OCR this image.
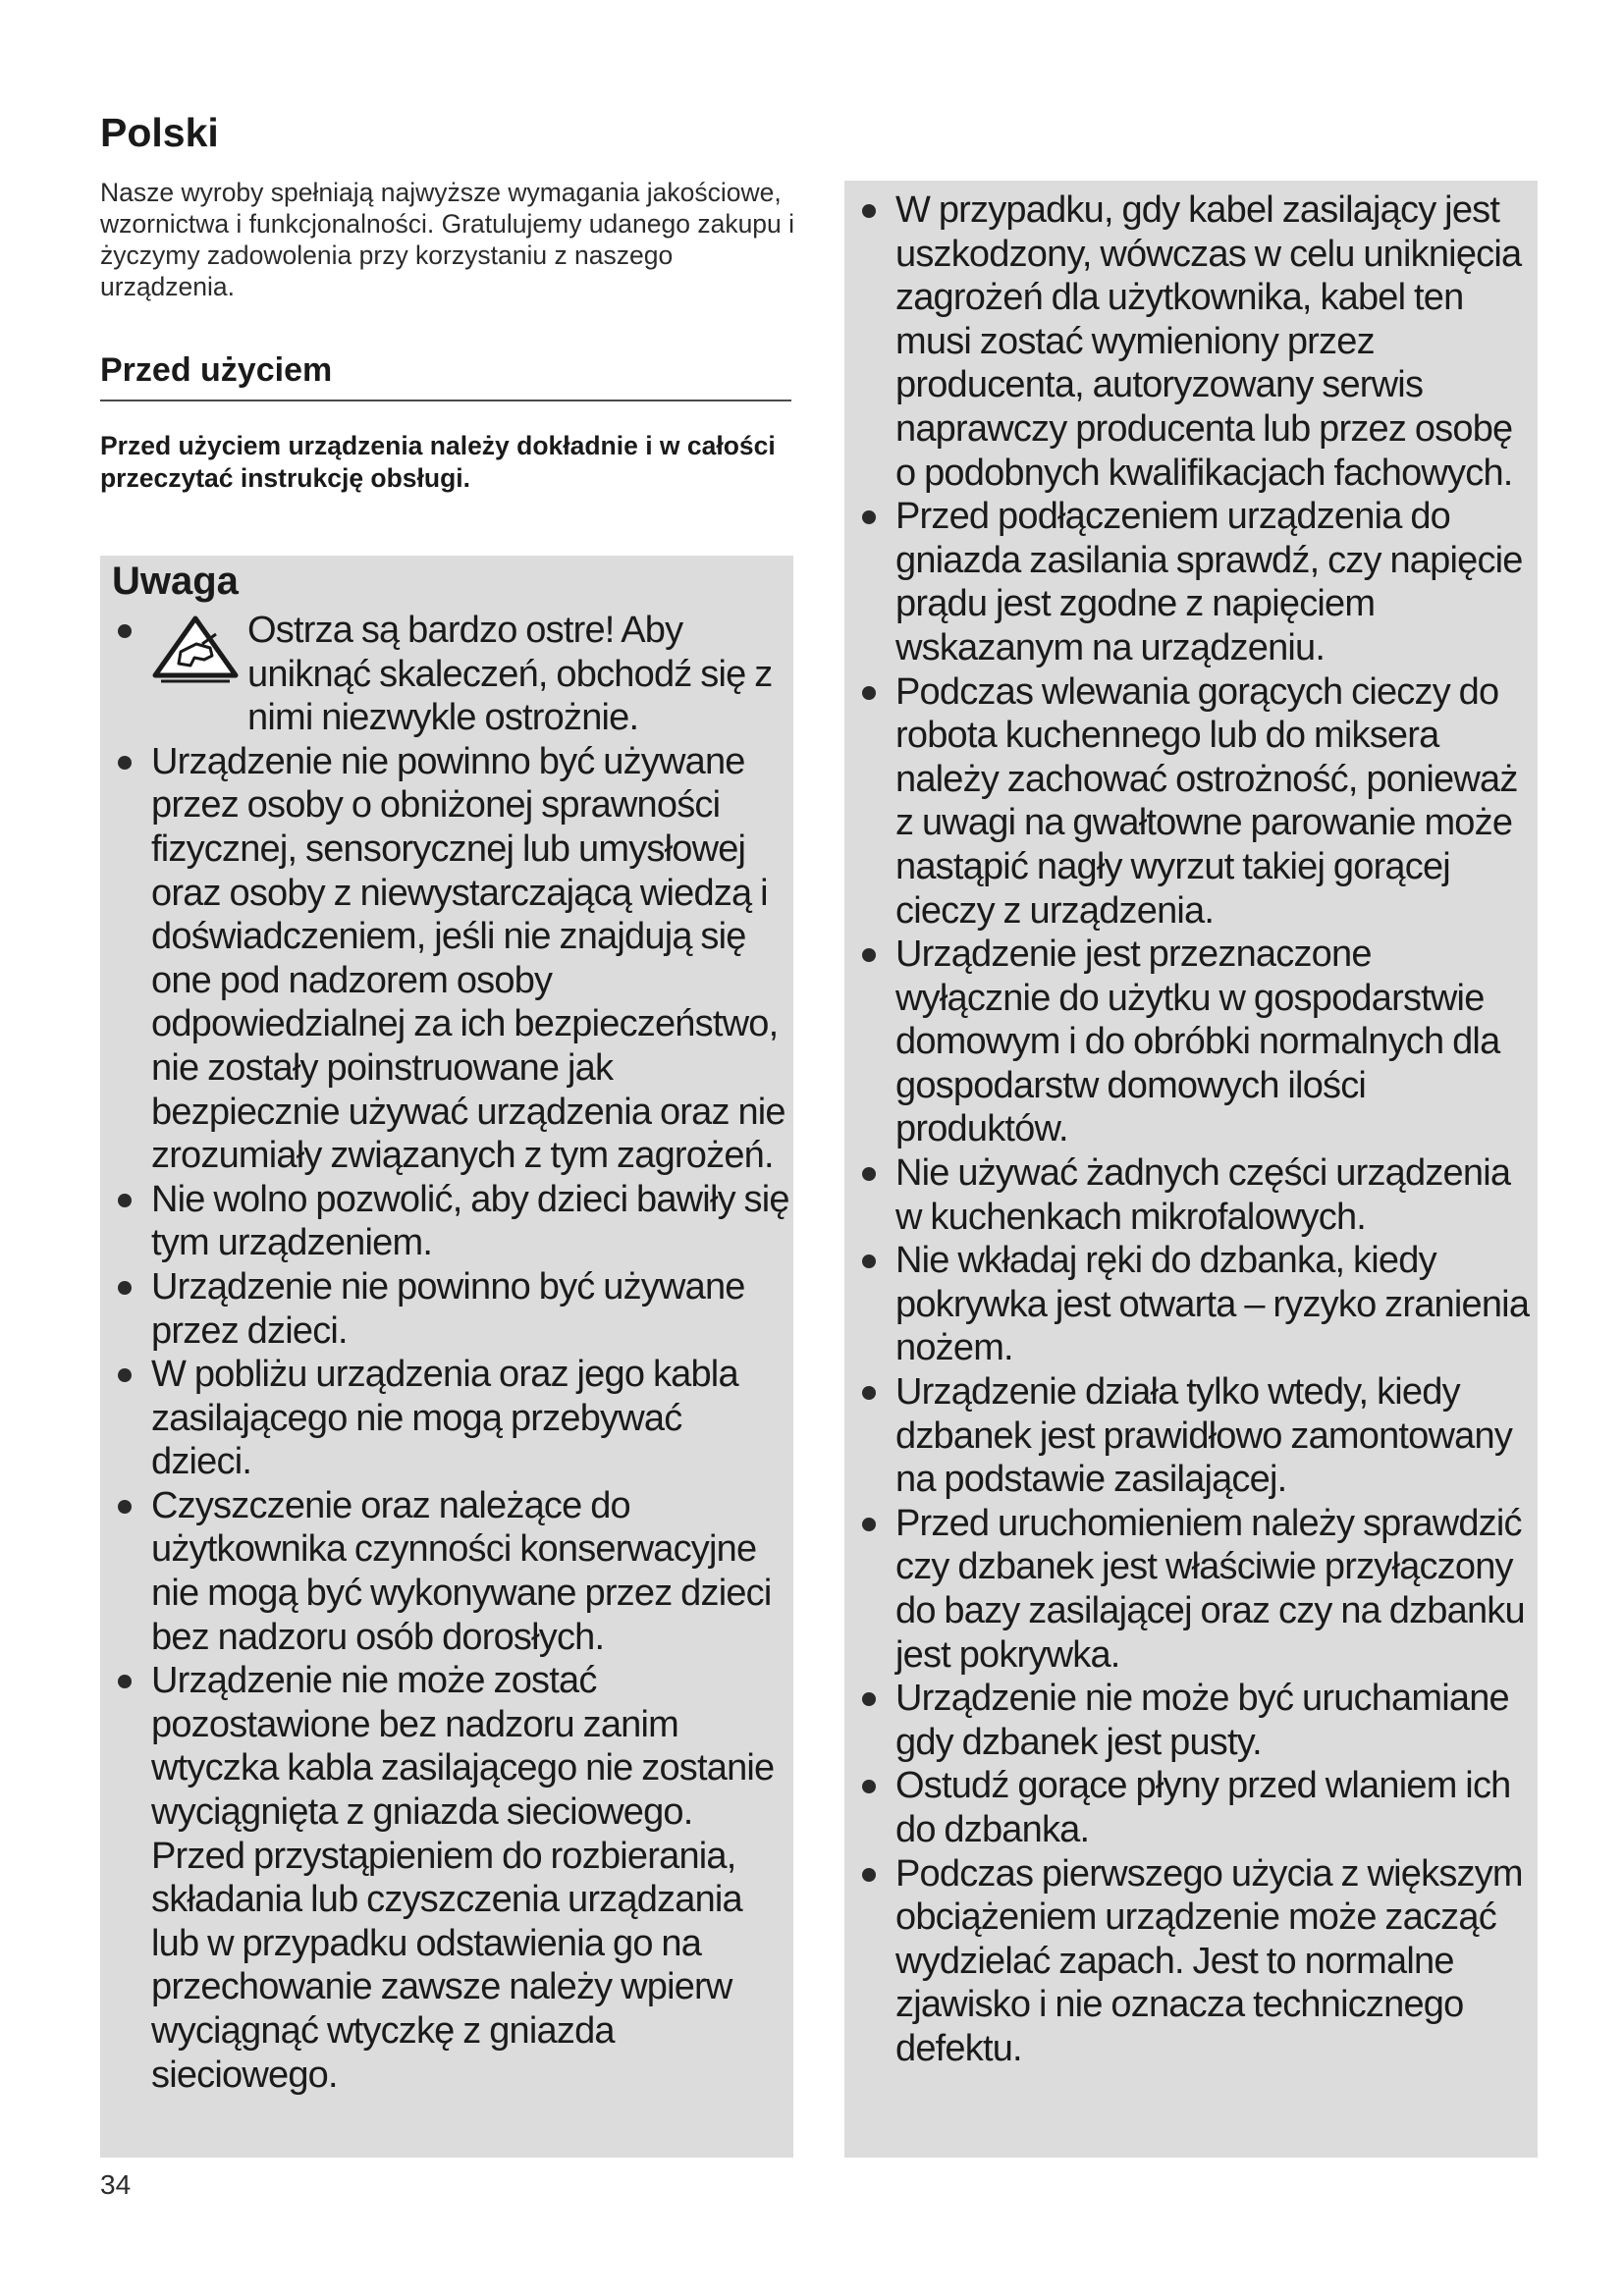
Polski
Nasze wyroby spełniają najwyższe wymagania jakościowe, wzornictwa i funkcjonalności. Gratulujemy udanego zakupu i życzymy zadowolenia przy korzystaniu z naszego urządzenia.
Przed użyciem
Przed użyciem urządzenia należy dokładnie i w całości przeczytać instrukcję obsługi.
Uwaga
Ostrza są bardzo ostre! Aby uniknąć skaleczeń, obchodź się z nimi niezwykle ostrożnie.
Urządzenie nie powinno być używane przez osoby o obniżonej sprawności fizycznej, sensorycznej lub umysłowej oraz osoby z niewystarczającą wiedzą i doświadczeniem, jeśli nie znajdują się one pod nadzorem osoby odpowiedzialnej za ich bezpieczeństwo, nie zostały poinstruowane jak bezpiecznie używać urządzenia oraz nie zrozumiały związanych z tym zagrożeń.
Nie wolno pozwolić, aby dzieci bawiły się tym urządzeniem.
Urządzenie nie powinno być używane przez dzieci.
W pobliżu urządzenia oraz jego kabla zasilającego nie mogą przebywać dzieci.
Czyszczenie oraz należące do użytkownika czynności konserwacyjne nie mogą być wykonywane przez dzieci bez nadzoru osób dorosłych.
Urządzenie nie może zostać pozostawione bez nadzoru zanim wtyczka kabla zasilającego nie zostanie wyciągnięta z gniazda sieciowego. Przed przystąpieniem do rozbierania, składania lub czyszczenia urządzania lub w przypadku odstawienia go na przechowanie zawsze należy wpierw wyciągnąć wtyczkę z gniazda sieciowego.
W przypadku, gdy kabel zasilający jest uszkodzony, wówczas w celu uniknięcia zagrożeń dla użytkownika, kabel ten musi zostać wymieniony przez producenta, autoryzowany serwis naprawczy producenta lub przez osobę o podobnych kwalifikacjach fachowych.
Przed podłączeniem urządzenia do gniazda zasilania sprawdź, czy napięcie prądu jest zgodne z napięciem wskazanym na urządzeniu.
Podczas wlewania gorących cieczy do robota kuchennego lub do miksera należy zachować ostrożność, ponieważ z uwagi na gwałtowne parowanie może nastąpić nagły wyrzut takiej gorącej cieczy z urządzenia.
Urządzenie jest przeznaczone wyłącznie do użytku w gospodarstwie domowym i do obróbki normalnych dla gospodarstw domowych ilości produktów.
Nie używać żadnych części urządzenia w kuchenkach mikrofalowych.
Nie wkładaj ręki do dzbanka, kiedy pokrywka jest otwarta – ryzyko zranienia nożem.
Urządzenie działa tylko wtedy, kiedy dzbanek jest prawidłowo zamontowany na podstawie zasilającej.
Przed uruchomieniem należy sprawdzić czy dzbanek jest właściwie przyłączony do bazy zasilającej oraz czy na dzbanku jest pokrywka.
Urządzenie nie może być uruchamiane gdy dzbanek jest pusty.
Ostudź gorące płyny przed wlaniem ich do dzbanka.
Podczas pierwszego użycia z większym obciążeniem urządzenie może zacząć wydzielać zapach. Jest to normalne zjawisko i nie oznacza technicznego defektu.
34
